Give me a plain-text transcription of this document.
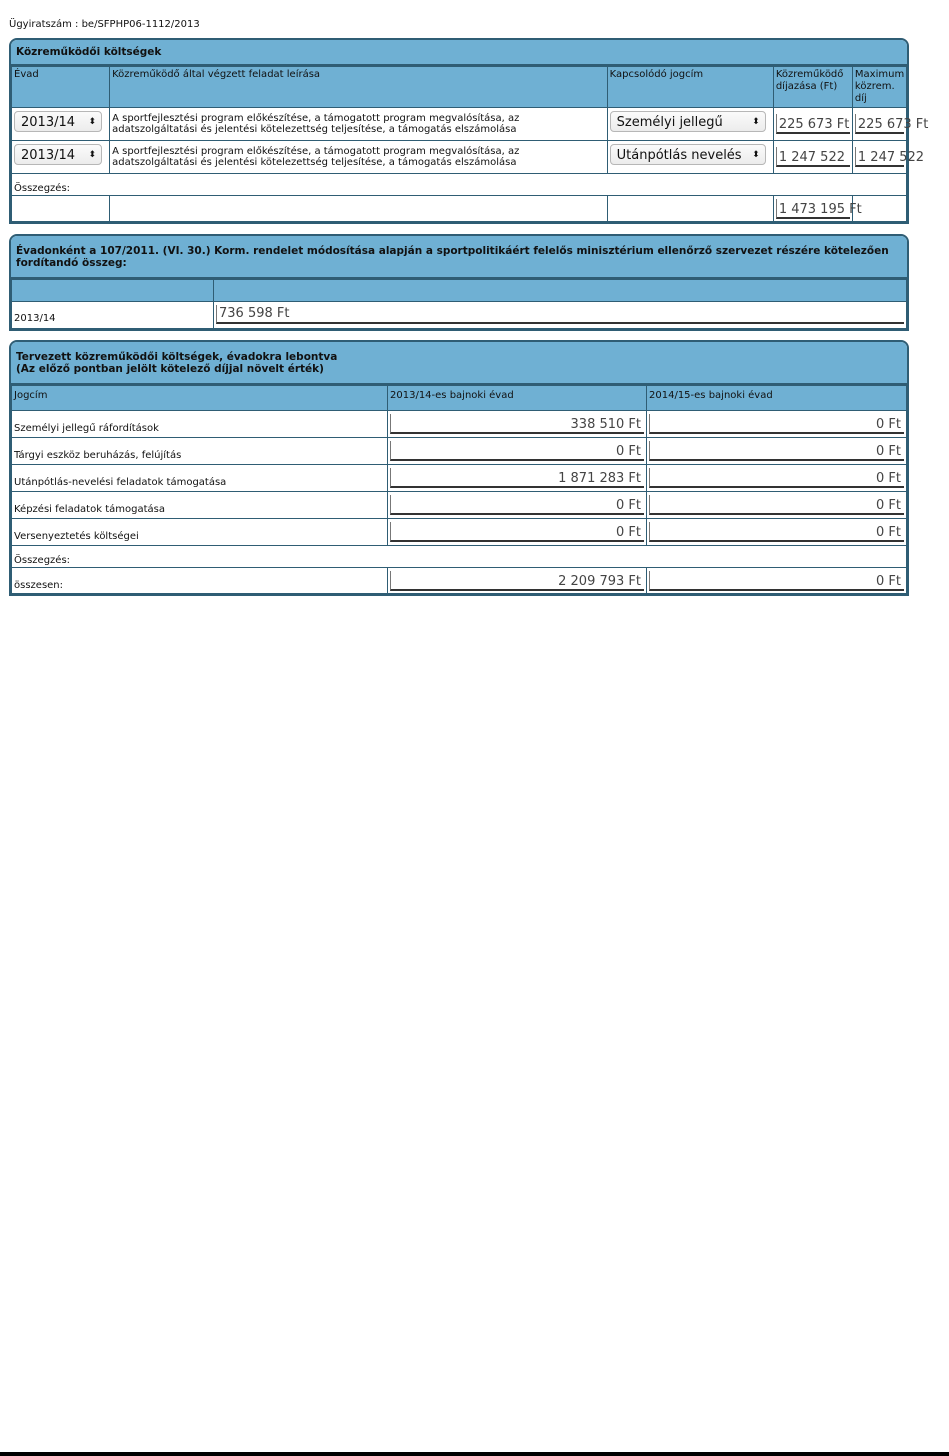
Ügyiratszám : be/SFPHP06-1112/2013
Közreműködői költségek
Évad	Közreműködő által végzett feladat leírása	Kapcsolódó jogcím	Közreműködő díjazása (Ft)	Maximum közrem. díj
2013/14 ⬍	A sportfejlesztési program előkészítése, a támogatott program megvalósítása, az adatszolgáltatási és jelentési kötelezettség teljesítése, a támogatás elszámolása	Személyi jellegű ⬍	225 673 Ft	225 673 Ft

2013/14 ⬍	A sportfejlesztési program előkészítése, a támogatott program megvalósítása, az adatszolgáltatási és jelentési kötelezettség teljesítése, a támogatás elszámolása	Utánpótlás nevelés ⬍	1 247 522	1 247 522

Összegzés:				

			1 473 195 Ft	

Évadonként a 107/2011. (VI. 30.) Korm. rendelet módosítása alapján a sportpolitikáért felelős minisztérium ellenőrző szervezet részére kötelezően fordítandó összeg:

2013/14	736 598 Ft
Tervezett közreműködői költségek, évadokra lebontva
(Az előző pontban jelölt kötelező díjjal növelt érték)
Jogcím	2013/14-es bajnoki évad	2014/15-es bajnoki évad
Személyi jellegű ráfordítások	338 510 Ft	0 Ft

Tárgyi eszköz beruházás, felújítás	0 Ft	0 Ft

Utánpótlás-nevelési feladatok támogatása	1 871 283 Ft	0 Ft

Képzési feladatok támogatása	0 Ft	0 Ft

Versenyeztetés költségei	0 Ft	0 Ft

Összegzés:		
összesen:	2 209 793 Ft	0 Ft
